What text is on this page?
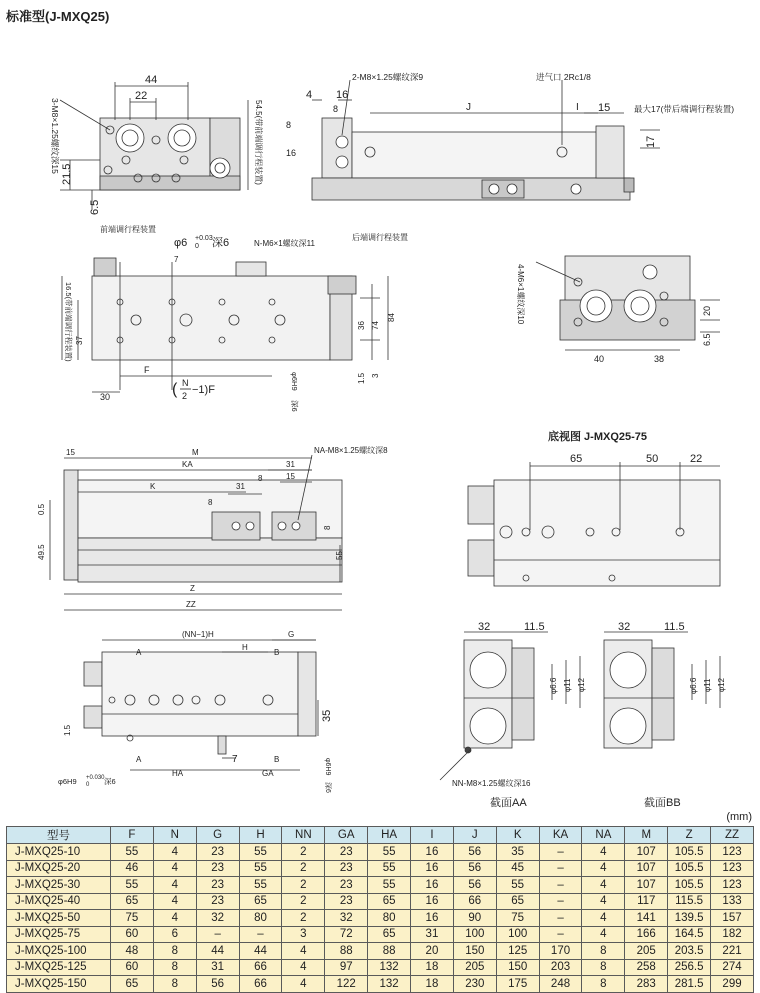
标准型(J-MXQ25)
44
22
21.5
6.5
3-M8×1.25螺纹深15	54.5(带前端调行程装置)
4 16
8
8
16
J	I 15
17
2-M8×1.25螺纹深9	进气口 2Rc1/8
最大17(带后端调行程装置)
前端调行程装置
φ6 +0.03
0 深6	N-M6×1螺纹深11
后端调行程装置
16.5(带前端调行程装置)
φ6H9
深6
7
F
30
36 74
84
37
1.5 3
( N
2 −1)F
20
6.5
40	38
4-M6×1螺纹深10
15	M
KA	31
K	31
8	15
8
8
0.5
49.5	55
Z
ZZ
NA-M8×1.25螺纹深8
底视图 J-MXQ25-75
65	50	22
(NN−1)H	G
H
A	B
A	B
35
1.5
HA
7
GA
φ6H9 +0.030
0 深6
φ6H9
深6
32	11.5
φ6.6 φ11 φ12
NN-M8×1.25螺纹深16
截面AA
32	11.5
φ6.6 φ11 φ12
截面BB
(mm)
型号	F	N	G	H	NN	GA	HA	I	J	K	KA	NA	M	Z	ZZ
J-MXQ25-10	55	4	23	55	2	23	55	16	56	35	–	4	107	105.5	123
J-MXQ25-20	46	4	23	55	2	23	55	16	56	45	–	4	107	105.5	123
J-MXQ25-30	55	4	23	55	2	23	55	16	56	55	–	4	107	105.5	123
J-MXQ25-40	65	4	23	65	2	23	65	16	66	65	–	4	117	115.5	133
J-MXQ25-50	75	4	32	80	2	32	80	16	90	75	–	4	141	139.5	157
J-MXQ25-75	60	6	–	–	3	72	65	31	100	100	–	4	166	164.5	182
J-MXQ25-100	48	8	44	44	4	88	88	20	150	125	170	8	205	203.5	221
J-MXQ25-125	60	8	31	66	4	97	132	18	205	150	203	8	258	256.5	274
J-MXQ25-150	65	8	56	66	4	122	132	18	230	175	248	8	283	281.5	299
